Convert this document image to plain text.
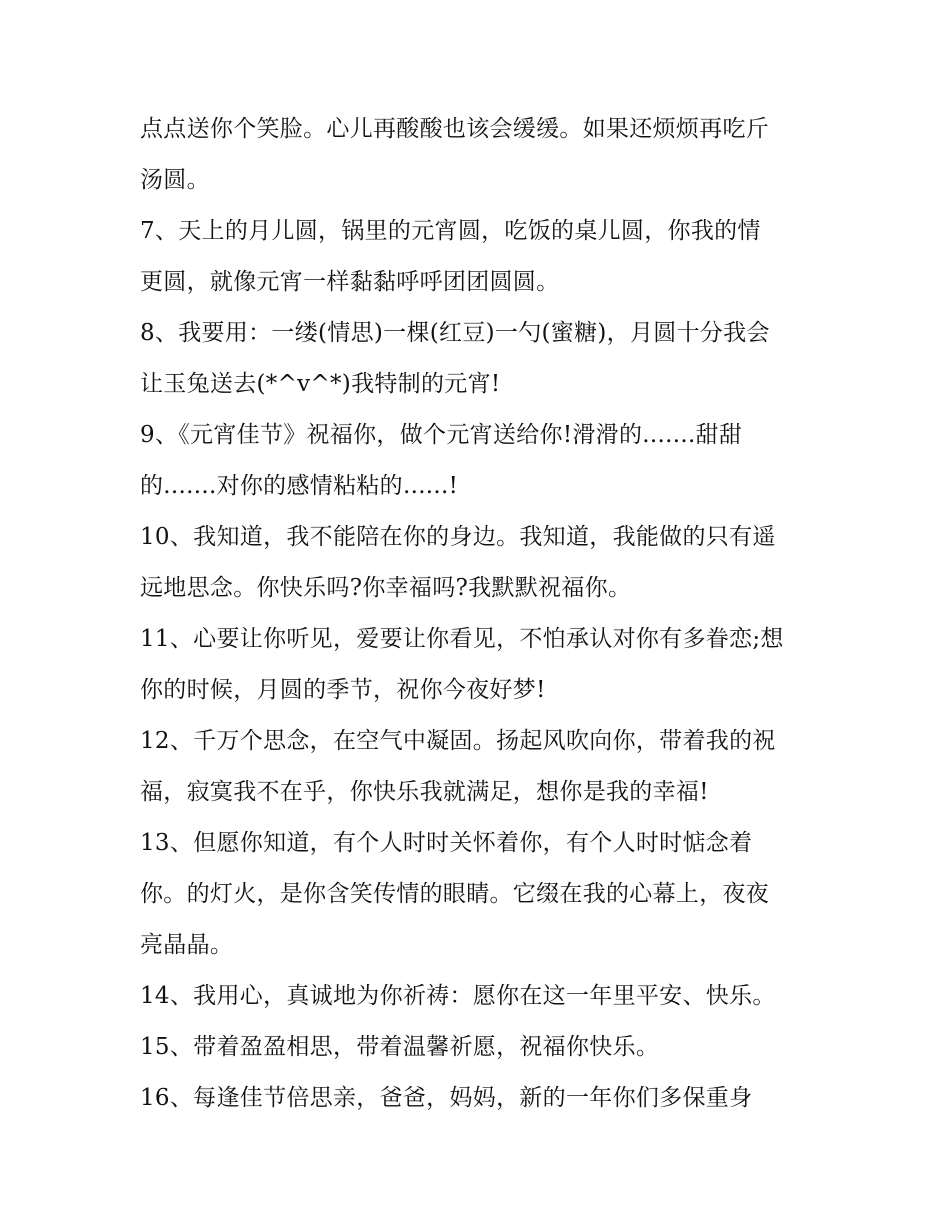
点点送你个笑脸。心儿再酸酸也该会缓缓。如果还烦烦再吃斤
汤圆。
7、天上的月儿圆，锅里的元宵圆，吃饭的桌儿圆，你我的情
更圆，就像元宵一样黏黏呼呼团团圆圆。
8、我要用：一缕(情思)一棵(红豆)一勺(蜜糖)，月圆十分我会
让玉兔送去(*^v^*)我特制的元宵!
9、《元宵佳节》祝福你，做个元宵送给你!滑滑的.......甜甜
的.......对你的感情粘粘的......!
10、我知道，我不能陪在你的身边。我知道，我能做的只有遥
远地思念。你快乐吗?你幸福吗?我默默祝福你。
11、心要让你听见，爱要让你看见，不怕承认对你有多眷恋;想
你的时候，月圆的季节，祝你今夜好梦!
12、千万个思念，在空气中凝固。扬起风吹向你，带着我的祝
福，寂寞我不在乎，你快乐我就满足，想你是我的幸福!
13、但愿你知道，有个人时时关怀着你，有个人时时惦念着
你。的灯火，是你含笑传情的眼睛。它缀在我的心幕上，夜夜
亮晶晶。
14、我用心，真诚地为你祈祷：愿你在这一年里平安、快乐。
15、带着盈盈相思，带着温馨祈愿，祝福你快乐。
16、每逢佳节倍思亲，爸爸，妈妈，新的一年你们多保重身
